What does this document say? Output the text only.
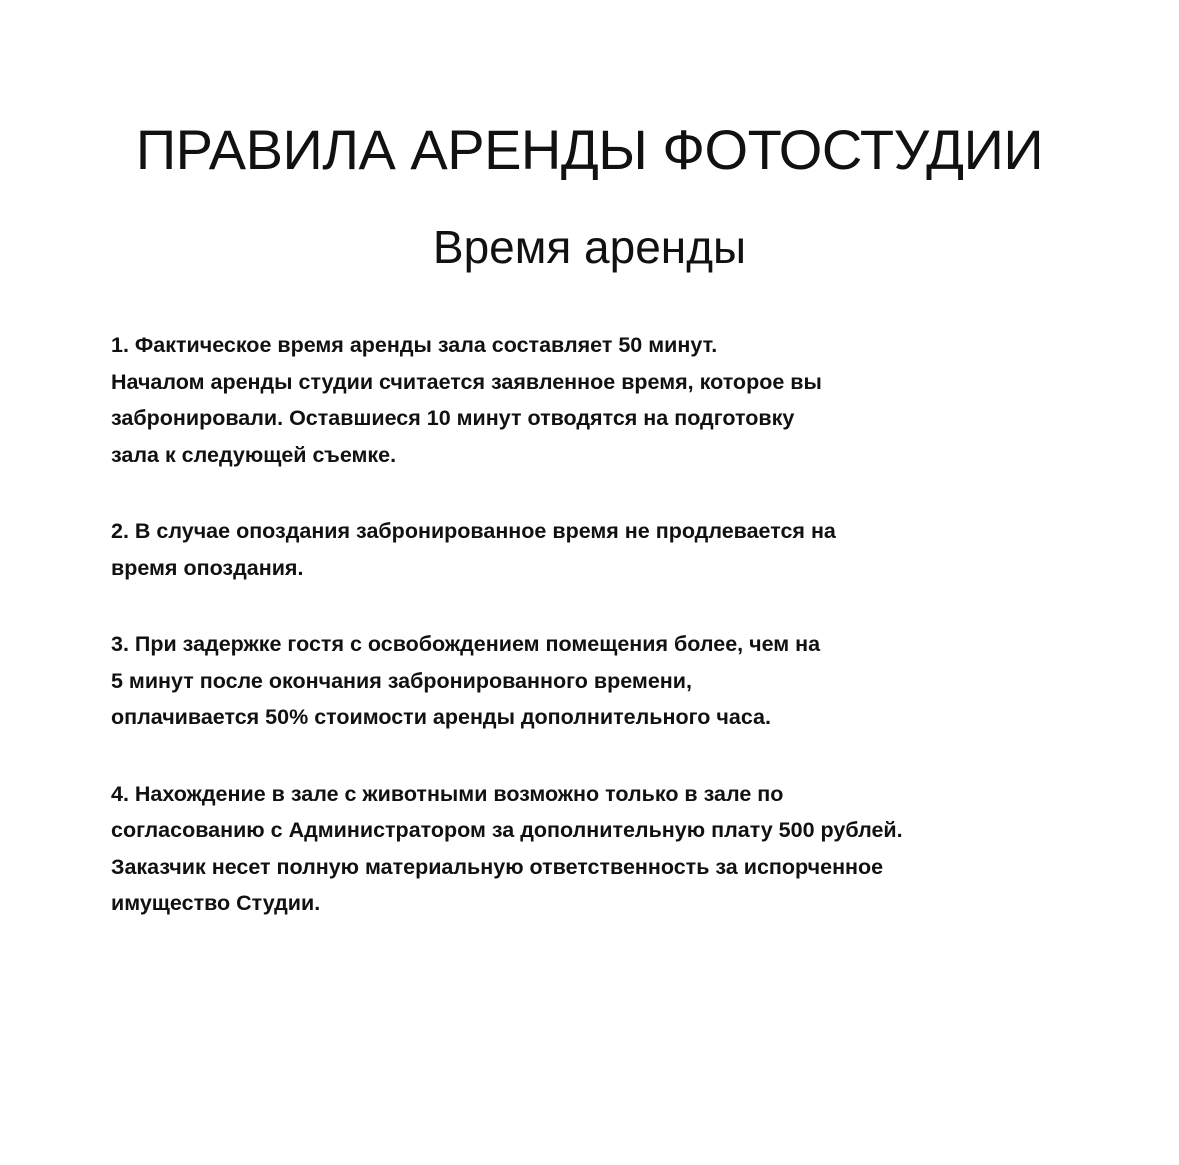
ПРАВИЛА АРЕНДЫ ФОТОСТУДИИ
Время аренды
1. Фактическое время аренды зала составляет 50 минут.
Началом аренды студии считается заявленное время, которое вы
забронировали. Оставшиеся 10 минут отводятся на подготовку
зала к следующей съемке.
2. В случае опоздания забронированное время не продлевается на
время опоздания.
3. При задержке гостя с освобождением помещения более, чем на
5 минут после окончания забронированного времени,
оплачивается 50% стоимости аренды дополнительного часа.
4. Нахождение в зале с животными возможно только в зале по
согласованию с Администратором за дополнительную плату 500 рублей.
Заказчик несет полную материальную ответственность за испорченное
имущество Студии.
